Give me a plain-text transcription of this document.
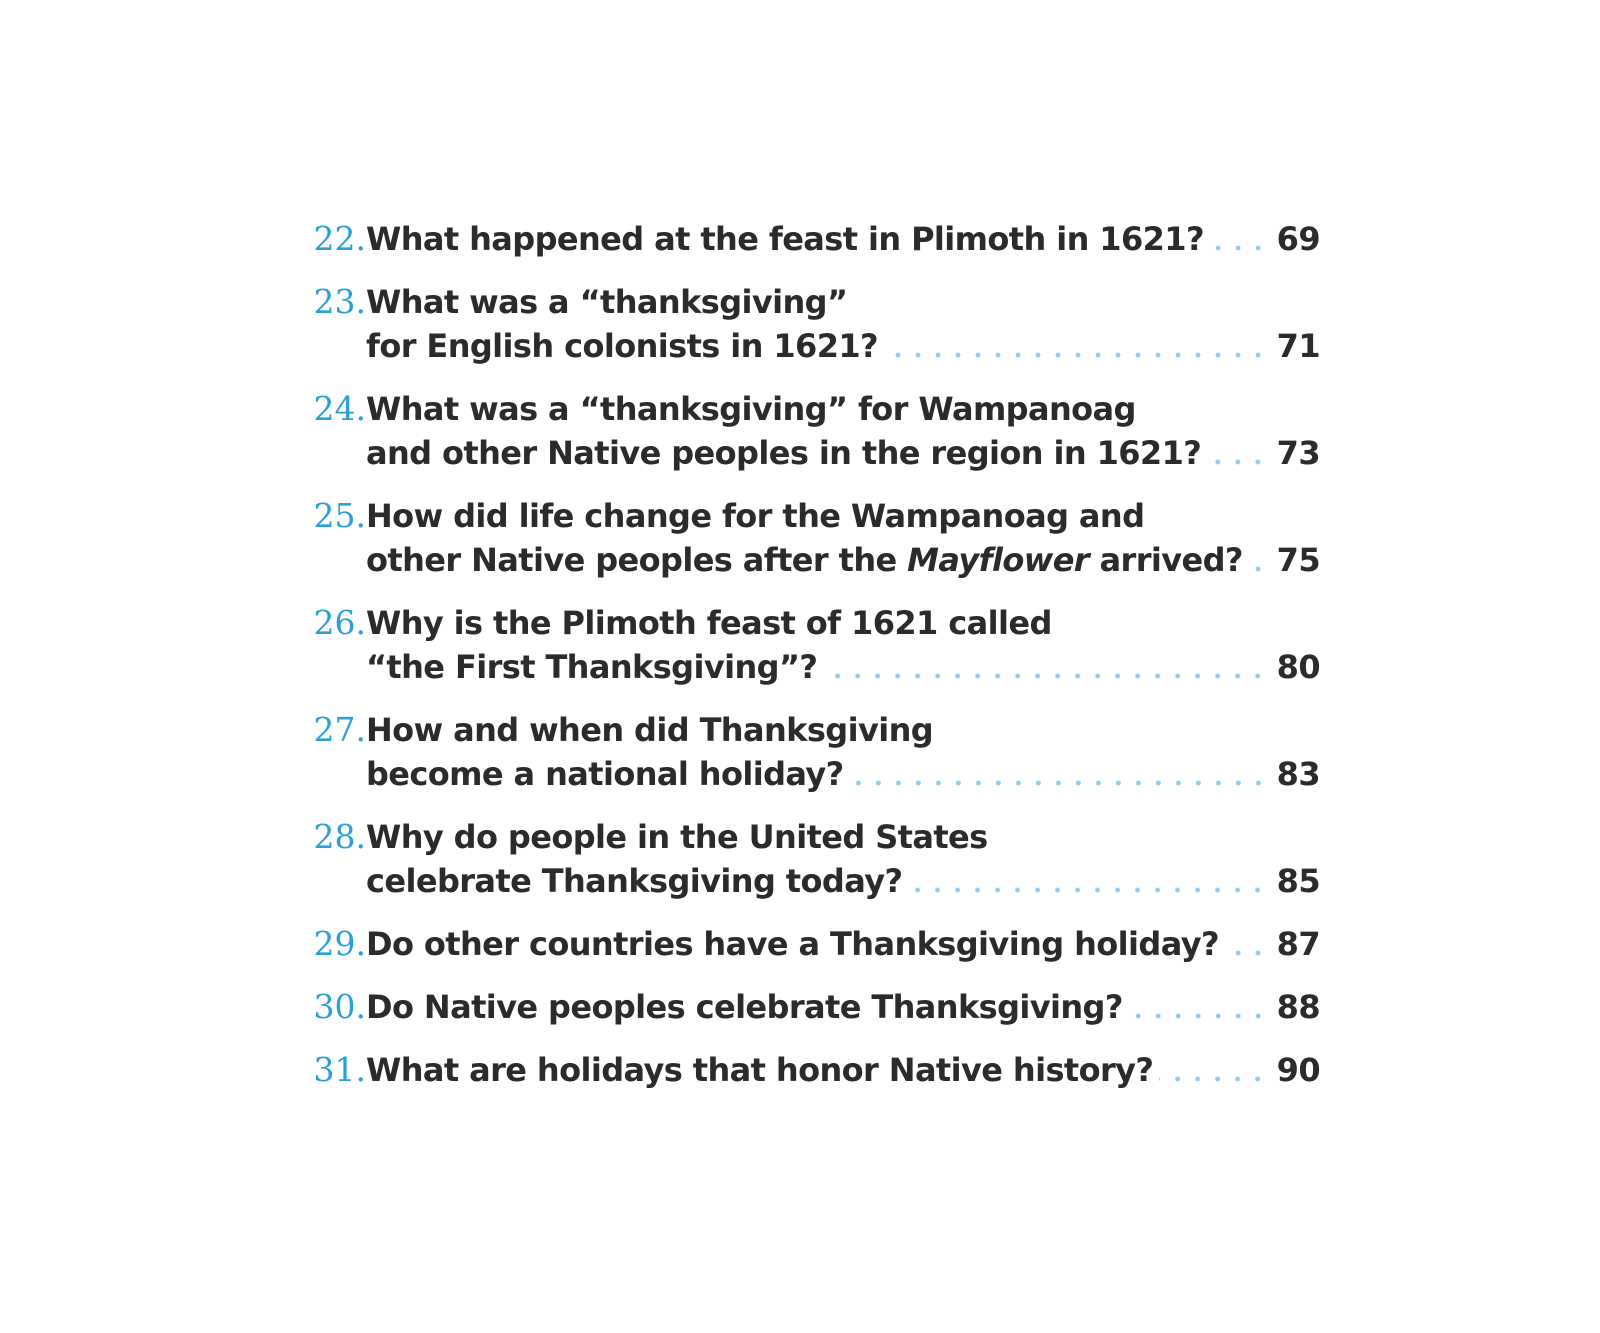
22. What happened at the feast in Plimoth in 1621? 69
23. What was a “thanksgiving”
for English colonists in 1621?	71
24. What was a “thanksgiving” for Wampanoag
and other Native peoples in the region in 1621? 73
25. How did life change for the Wampanoag and
other Native peoples after the Mayflower arrived? 75
26. Why is the Plimoth feast of 1621 called
“the First Thanksgiving”?	80
27. How and when did Thanksgiving
become a national holiday?	83
28. Why do people in the United States
celebrate Thanksgiving today?	85
29. Do other countries have a Thanksgiving holiday? 87
30. Do Native peoples celebrate Thanksgiving?	88
31. What are holidays that honor Native history?	90
